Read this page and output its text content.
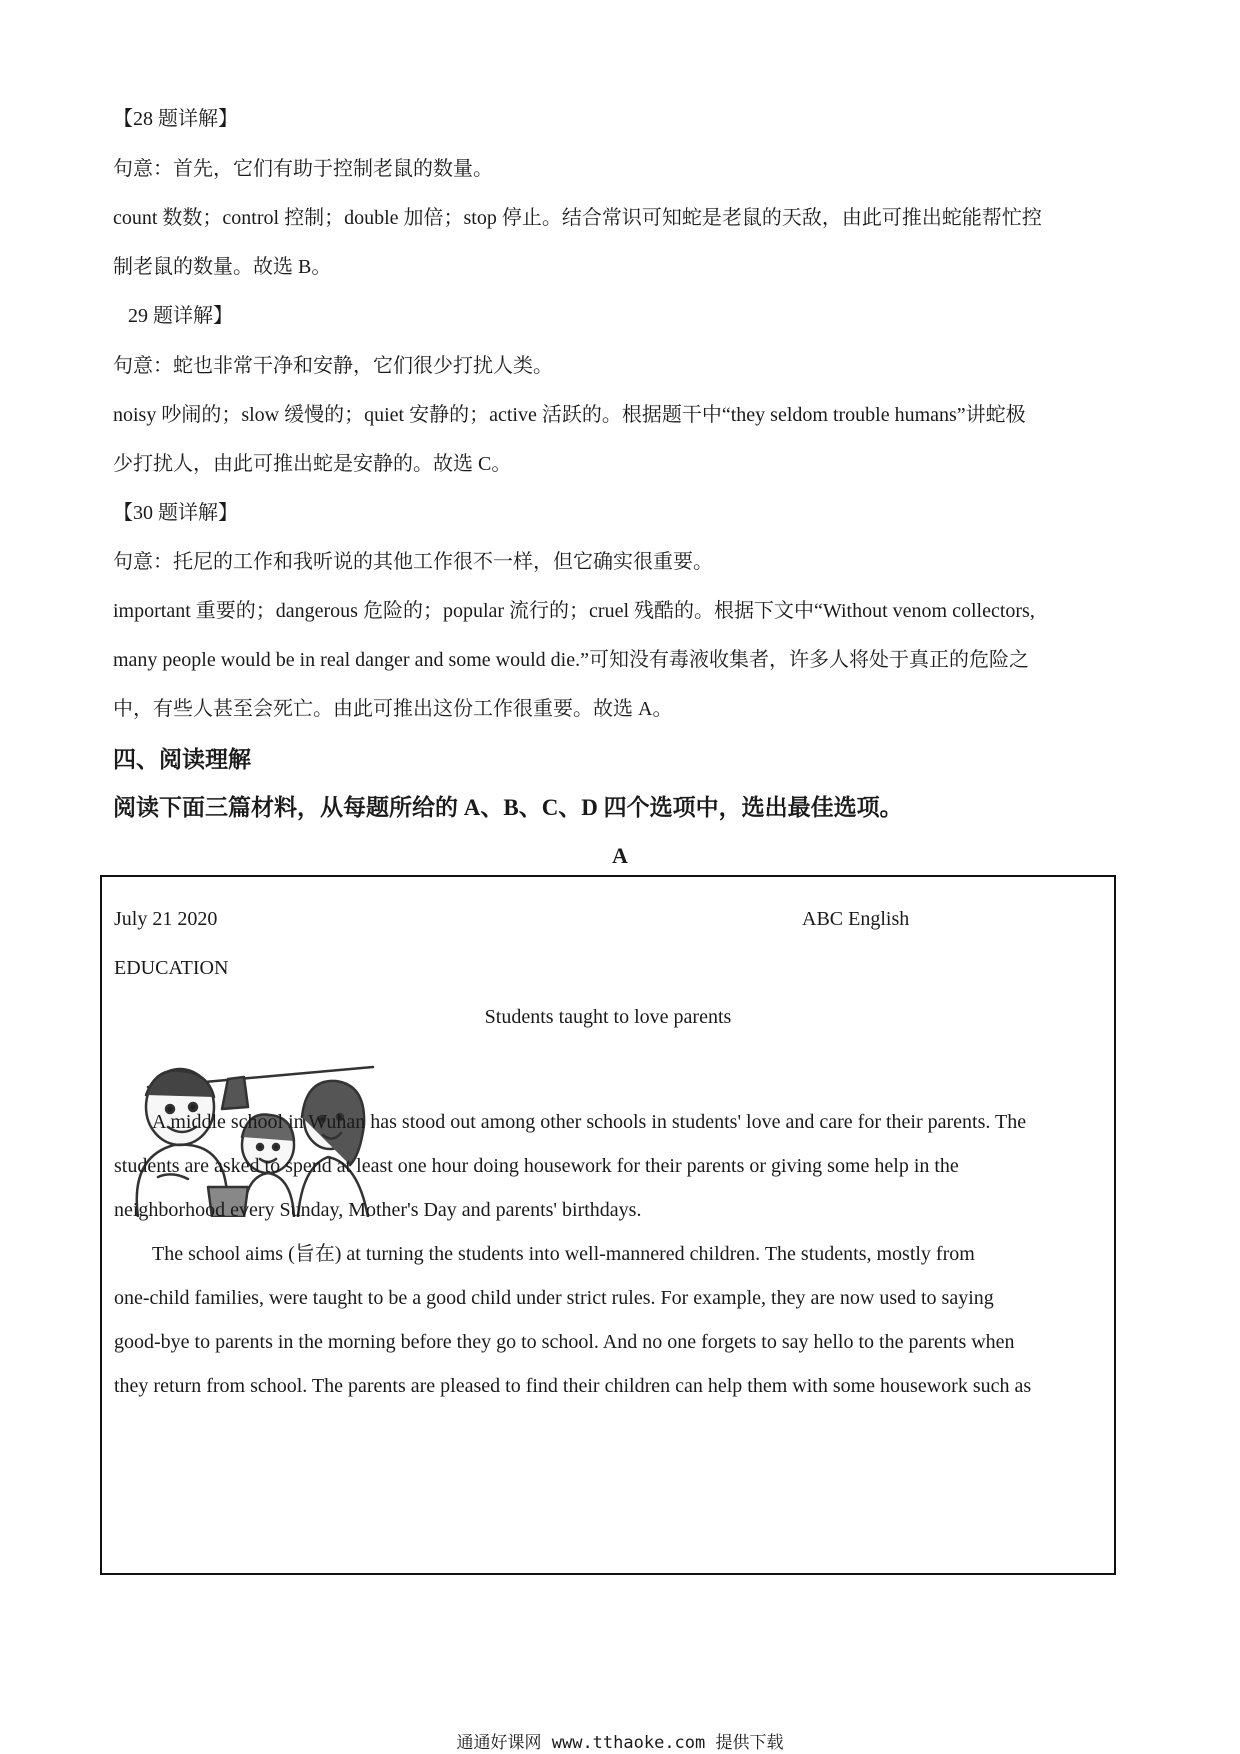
【28 题详解】
句意：首先，它们有助于控制老鼠的数量。
count 数数；control 控制；double 加倍；stop 停止。结合常识可知蛇是老鼠的天敌，由此可推出蛇能帮忙控
制老鼠的数量。故选 B。
29 题详解】
句意：蛇也非常干净和安静，它们很少打扰人类。
noisy 吵闹的；slow 缓慢的；quiet 安静的；active 活跃的。根据题干中“they seldom trouble humans”讲蛇极
少打扰人，由此可推出蛇是安静的。故选 C。
【30 题详解】
句意：托尼的工作和我听说的其他工作很不一样，但它确实很重要。
important 重要的；dangerous 危险的；popular 流行的；cruel 残酷的。根据下文中“Without venom collectors,
many people would be in real danger and some would die.”可知没有毒液收集者，许多人将处于真正的危险之
中，有些人甚至会死亡。由此可推出这份工作很重要。故选 A。
四、阅读理解
阅读下面三篇材料，从每题所给的 A、B、C、D 四个选项中，选出最佳选项。
A
July 21 2020	ABC English
EDUCATION
Students taught to love parents
A middle school in Wuhan has stood out among other schools in students' love and care for their parents. The
students are asked to spend at least one hour doing housework for their parents or giving some help in the
neighborhood every Sunday, Mother's Day and parents' birthdays.
The school aims (旨在) at turning the students into well-mannered children. The students, mostly from
one-child families, were taught to be a good child under strict rules. For example, they are now used to saying
good-bye to parents in the morning before they go to school. And no one forgets to say hello to the parents when
they return from school. The parents are pleased to find their children can help them with some housework such as
通通好课网 www.tthaoke.com 提供下载
